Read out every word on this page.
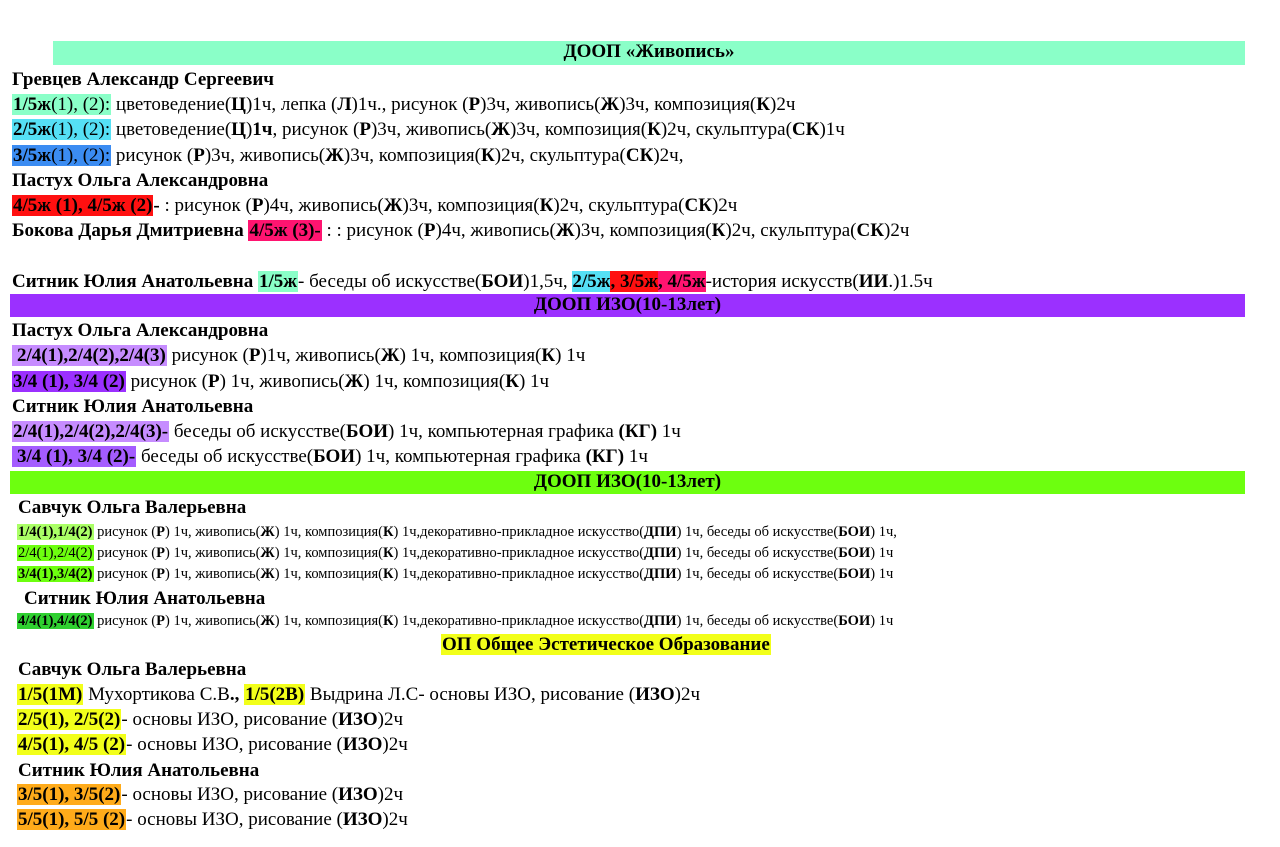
ДООП «Живопись»
Гревцев Александр Сергеевич
1/5ж(1), (2): цветоведение(Ц)1ч, лепка (Л)1ч., рисунок (Р)3ч, живопись(Ж)3ч, композиция(К)2ч
2/5ж(1), (2): цветоведение(Ц)1ч, рисунок (Р)3ч, живопись(Ж)3ч, композиция(К)2ч, скульптура(СК)1ч
3/5ж(1), (2): рисунок (Р)3ч, живопись(Ж)3ч, композиция(К)2ч, скульптура(СК)2ч,
Пастух Ольга Александровна
4/5ж (1), 4/5ж (2)- : рисунок (Р)4ч, живопись(Ж)3ч, композиция(К)2ч, скульптура(СК)2ч
Бокова Дарья Дмитриевна 4/5ж (3)- : : рисунок (Р)4ч, живопись(Ж)3ч, композиция(К)2ч, скульптура(СК)2ч
Ситник Юлия Анатольевна 1/5ж- беседы об искусстве(БОИ)1,5ч, 2/5ж, 3/5ж, 4/5ж-история искусств(ИИ.)1.5ч
ДООП ИЗО(10-13лет)
Пастух Ольга Александровна
2/4(1),2/4(2),2/4(3) рисунок (Р)1ч, живопись(Ж) 1ч, композиция(К) 1ч
3/4 (1), 3/4 (2) рисунок (Р) 1ч, живопись(Ж) 1ч, композиция(К) 1ч
Ситник Юлия Анатольевна
2/4(1),2/4(2),2/4(3)- беседы об искусстве(БОИ) 1ч, компьютерная графика (КГ) 1ч
3/4 (1), 3/4 (2)- беседы об искусстве(БОИ) 1ч, компьютерная графика (КГ) 1ч
ДООП ИЗО(10-13лет)
Савчук Ольга Валерьевна
1/4(1),1/4(2) рисунок (Р) 1ч, живопись(Ж) 1ч, композиция(К) 1ч,декоративно-прикладное искусство(ДПИ) 1ч, беседы об искусстве(БОИ) 1ч,
2/4(1),2/4(2) рисунок (Р) 1ч, живопись(Ж) 1ч, композиция(К) 1ч,декоративно-прикладное искусство(ДПИ) 1ч, беседы об искусстве(БОИ) 1ч
3/4(1),3/4(2) рисунок (Р) 1ч, живопись(Ж) 1ч, композиция(К) 1ч,декоративно-прикладное искусство(ДПИ) 1ч, беседы об искусстве(БОИ) 1ч
Ситник Юлия Анатольевна
4/4(1),4/4(2) рисунок (Р) 1ч, живопись(Ж) 1ч, композиция(К) 1ч,декоративно-прикладное искусство(ДПИ) 1ч, беседы об искусстве(БОИ) 1ч
ОП Общее Эстетическое Образование
Савчук Ольга Валерьевна
1/5(1М) Мухортикова С.В., 1/5(2В) Выдрина Л.С- основы ИЗО, рисование (ИЗО)2ч
2/5(1), 2/5(2)- основы ИЗО, рисование (ИЗО)2ч
4/5(1), 4/5 (2)- основы ИЗО, рисование (ИЗО)2ч
Ситник Юлия Анатольевна
3/5(1), 3/5(2)- основы ИЗО, рисование (ИЗО)2ч
5/5(1), 5/5 (2)- основы ИЗО, рисование (ИЗО)2ч
